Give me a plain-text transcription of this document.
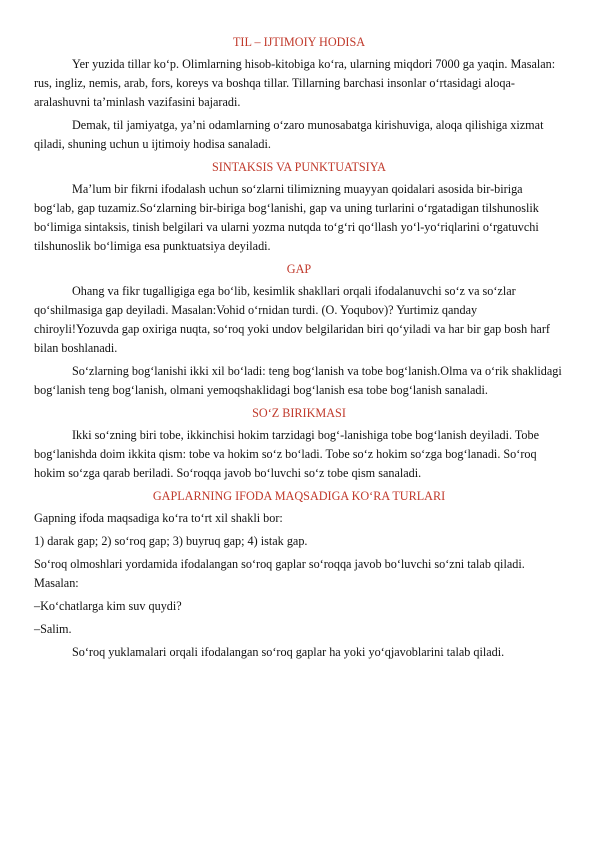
TIL – IJTIMOIY HODISA

Yer yuzida tillar ko‘p. Olimlarning hisob-kitobiga ko‘ra, ularning miqdori 7000 ga yaqin. Masalan: rus, ingliz, nemis, arab, fors, koreys va boshqa tillar. Tillarning barchasi insonlar o‘rtasidagi aloqa-aralashuvni ta’minlash vazifasini bajaradi.

Demak, til jamiyatga, ya’ni odamlarning o‘zaro munosabatga kirishuviga, aloqa qilishiga xizmat qiladi, shuning uchun u ijtimoiy hodisa sanaladi.

SINTAKSIS VA PUNKTUATSIYA

Ma’lum bir fikrni ifodalash uchun so‘zlarni tilimizning muayyan qoidalari asosida bir-biriga bog‘lab, gap tuzamiz.So‘zlarning bir-biriga bog‘lanishi, gap va uning turlarini o‘rgatadigan tilshunoslik bo‘limiga sintaksis, tinish belgilari va ularni yozma nutqda to‘g‘ri qo‘llash yo‘l-yo‘riqlarini o‘rgatuvchi tilshunoslik bo‘limiga esa punktuatsiya deyiladi.

GAP

Ohang va fikr tugalligiga ega bo‘lib, kesimlik shakllari orqali ifodalanuvchi so‘z va so‘zlar qo‘shilmasiga gap deyiladi. Masalan:Vohid o‘rnidan turdi. (O. Yoqubov)? Yurtimiz qanday chiroyli!Yozuvda gap oxiriga nuqta, so‘roq yoki undov belgilaridan biri qo‘yiladi va har bir gap bosh harf bilan boshlanadi.

So‘zlarning bog‘lanishi ikki xil bo‘ladi: teng bog‘lanish va tobe bog‘lanish.Olma va o‘rik shaklidagi bog‘lanish teng bog‘lanish, olmani yemoqshaklidagi bog‘lanish esa tobe bog‘lanish sanaladi.

SO‘Z BIRIKMASI

Ikki so‘zning biri tobe, ikkinchisi hokim tarzidagi bog‘-lanishiga tobe bog‘lanish deyiladi. Tobe bog‘lanishda doim ikkita qism: tobe va hokim so‘z bo‘ladi. Tobe so‘z hokim so‘zga bog‘lanadi. So‘roq hokim so‘zga qarab beriladi. So‘roqqa javob bo‘luvchi so‘z tobe qism sanaladi.

GAPLARNING IFODA MAQSADIGA KO‘RA TURLARI

Gapning ifoda maqsadiga ko‘ra to‘rt xil shakli bor:

1) darak gap; 2) so‘roq gap; 3) buyruq gap; 4) istak gap.

So‘roq olmoshlari yordamida ifodalangan so‘roq gaplar so‘roqqa javob bo‘luvchi so‘zni talab qiladi. Masalan:

–Ko‘chatlarga kim suv quydi?

–Salim.

So‘roq yuklamalari orqali ifodalangan so‘roq gaplar ha yoki yo‘qjavoblarini talab qiladi.
